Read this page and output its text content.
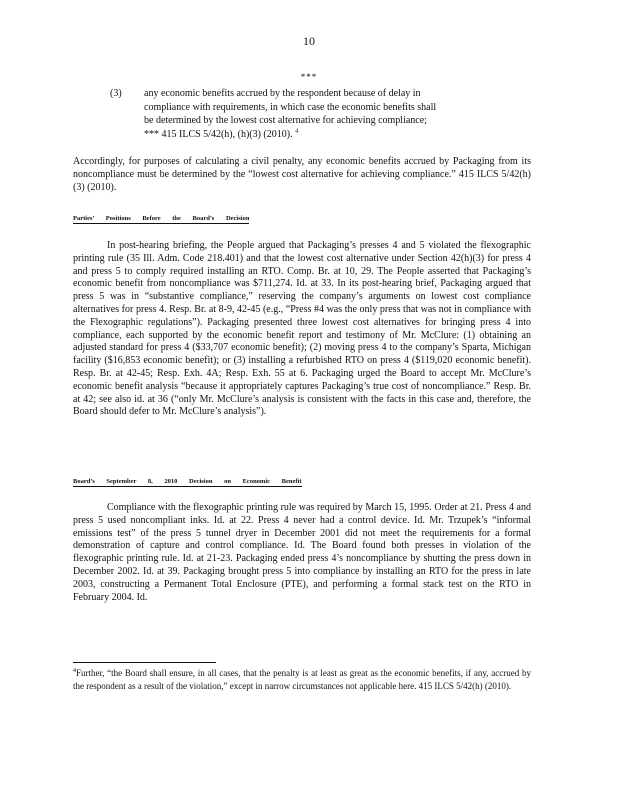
10
***
(3) any economic benefits accrued by the respondent because of delay in

compliance with requirements, in which case the economic benefits shall

be determined by the lowest cost alternative for achieving compliance;

*** 415 ILCS 5/42(h), (h)(3) (2010). $^4$

Accordingly, for purposes of calculating a civil penalty, any economic benefits accrued by Packaging from its noncompliance must be determined by the “lowest cost alternative for achieving compliance.” 415 ILCS 5/42(h)(3) (2010).

Parties’ Positions Before the Board’s Decision

In post-hearing briefing, the People argued that Packaging’s presses 4 and 5 violated the flexographic printing rule (35 Ill. Adm. Code 218.401) and that the lowest cost alternative under Section 42(h)(3) for press 4 and press 5 to comply required installing an RTO. Comp. Br. at 10, 29. The People asserted that Packaging’s economic benefit from noncompliance was $711,274. Id. at 33. In its post-hearing brief, Packaging argued that press 5 was in “substantive compliance,” reserving the company’s arguments on lowest cost compliance alternatives for press 4. Resp. Br. at 8-9, 42-45 (e.g., “Press #4 was the only press that was not in compliance with the Flexographic regulations”). Packaging presented three lowest cost alternatives for bringing press 4 into compliance, each supported by the economic benefit report and testimony of Mr. McClure: (1) obtaining an adjusted standard for press 4 ($33,707 economic benefit); (2) moving press 4 to the company’s Sparta, Michigan facility ($16,853 economic benefit); or (3) installing a refurbished RTO on press 4 ($119,020 economic benefit). Resp. Br. at 42-45; Resp. Exh. 4A; Resp. Exh. 55 at 6. Packaging urged the Board to accept Mr. McClure’s economic benefit analysis “because it appropriately captures Packaging’s true cost of noncompliance.” Resp. Br. at 42; see also id. at 36 (“only Mr. McClure’s analysis is consistent with the facts in this case and, therefore, the Board should defer to Mr. McClure’s analysis”).

Board’s September 8, 2010 Decision on Economic Benefit

Compliance with the flexographic printing rule was required by March 15, 1995. Order at 21. Press 4 and press 5 used noncompliant inks. Id. at 22. Press 4 never had a control device. Id. Mr. Trzupek’s “informal emissions test” of the press 5 tunnel dryer in December 2001 did not meet the requirements for a formal demonstration of capture and control compliance. Id. The Board found both presses in violation of the flexographic printing rule. Id. at 21-23. Packaging ended press 4’s noncompliance by shutting the press down in December 2002. Id. at 39. Packaging brought press 5 into compliance by installing an RTO for the press in late 2003, constructing a Permanent Total Enclosure (PTE), and performing a formal stack test on the RTO in February 2004. Id.

$^4$Further, “the Board shall ensure, in all cases, that the penalty is at least as great as the economic benefits, if any, accrued by the respondent as a result of the violation,” except in narrow circumstances not applicable here. 415 ILCS 5/42(h) (2010).
